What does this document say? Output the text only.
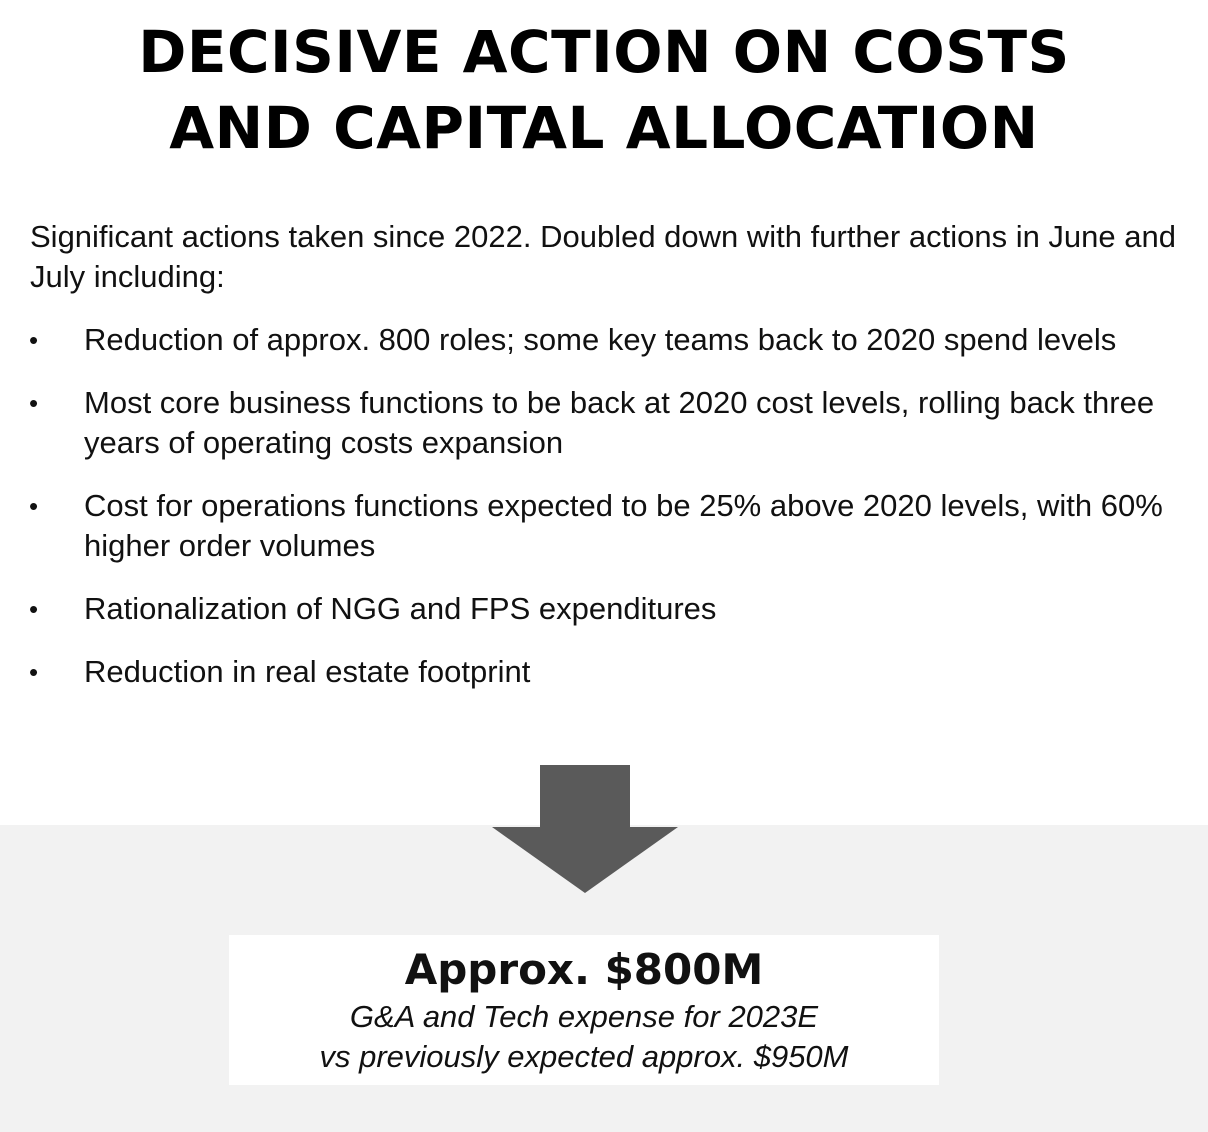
DECISIVE ACTION ON COSTS
AND CAPITAL ALLOCATION

Significant actions taken since 2022. Doubled down with further actions in June and July including:

• Reduction of approx. 800 roles; some key teams back to 2020 spend levels
• Most core business functions to be back at 2020 cost levels, rolling back three years of operating costs expansion
• Cost for operations functions expected to be 25% above 2020 levels, with 60% higher order volumes
• Rationalization of NGG and FPS expenditures
• Reduction in real estate footprint

Approx. $800M

G&A and Tech expense for 2023E

vs previously expected approx. $950M
